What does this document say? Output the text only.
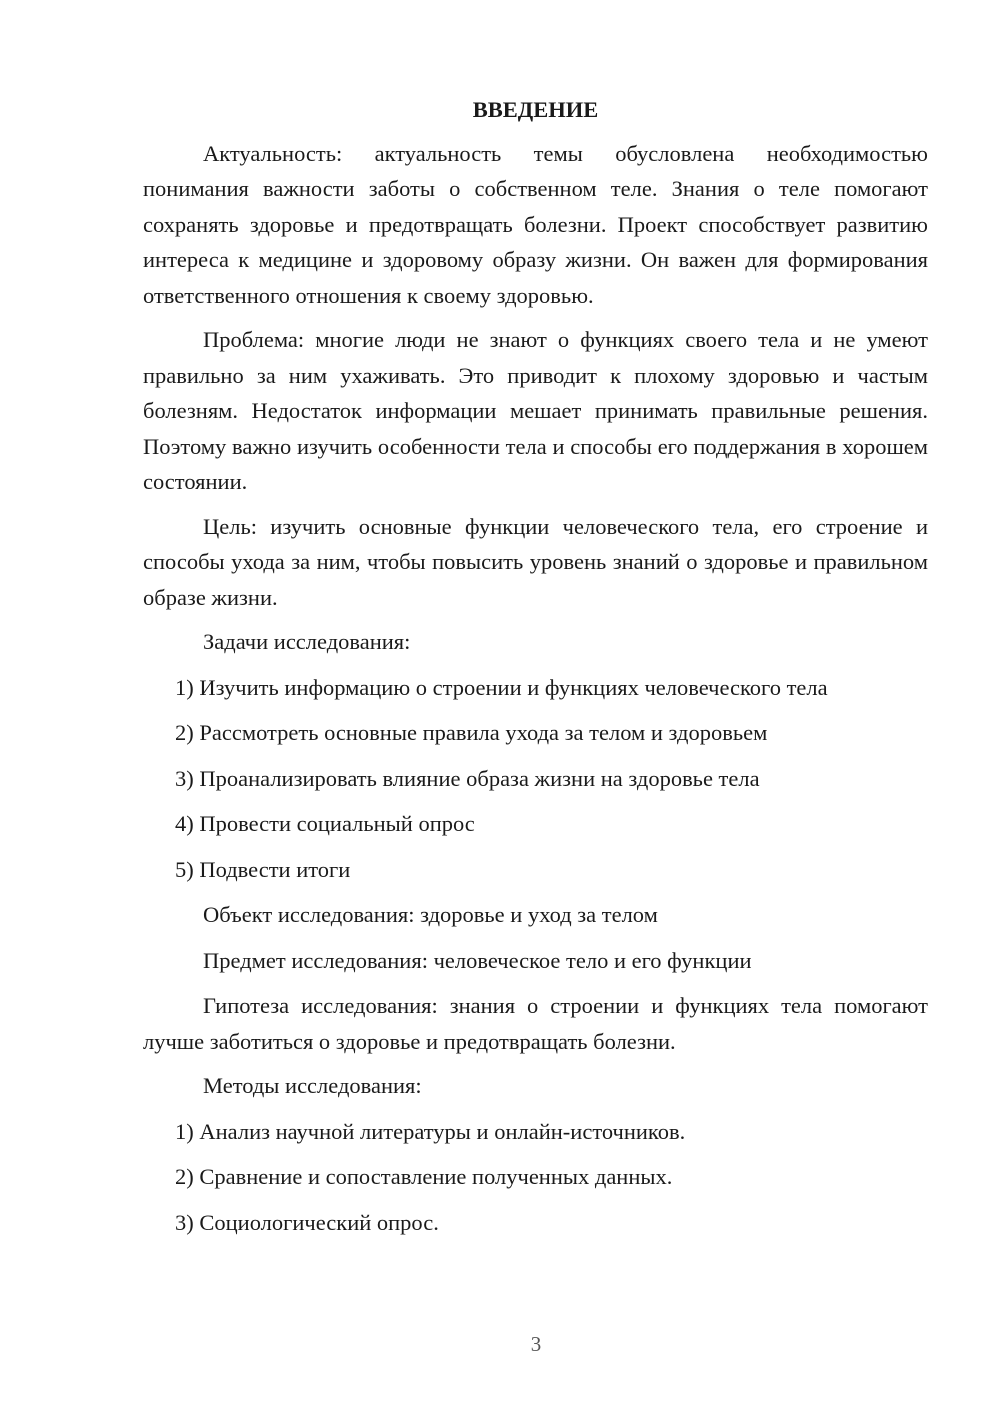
ВВЕДЕНИЕ

Актуальность: актуальность темы обусловлена необходимостью понимания важности заботы о собственном теле. Знания о теле помогают сохранять здоровье и предотвращать болезни. Проект способствует развитию интереса к медицине и здоровому образу жизни. Он важен для формирования ответственного отношения к своему здоровью.

Проблема: многие люди не знают о функциях своего тела и не умеют правильно за ним ухаживать. Это приводит к плохому здоровью и частым болезням. Недостаток информации мешает принимать правильные решения. Поэтому важно изучить особенности тела и способы его поддержания в хорошем состоянии.

Цель: изучить основные функции человеческого тела, его строение и способы ухода за ним, чтобы повысить уровень знаний о здоровье и правильном образе жизни.

Задачи исследования:
1) Изучить информацию о строении и функциях человеческого тела
2) Рассмотреть основные правила ухода за телом и здоровьем
3) Проанализировать влияние образа жизни на здоровье тела
4) Провести социальный опрос
5) Подвести итоги
Объект исследования: здоровье и уход за телом
Предмет исследования: человеческое тело и его функции

Гипотеза исследования: знания о строении и функциях тела помогают лучше заботиться о здоровье и предотвращать болезни.

Методы исследования:
1) Анализ научной литературы и онлайн-источников.
2) Сравнение и сопоставление полученных данных.
3) Социологический опрос.
3
